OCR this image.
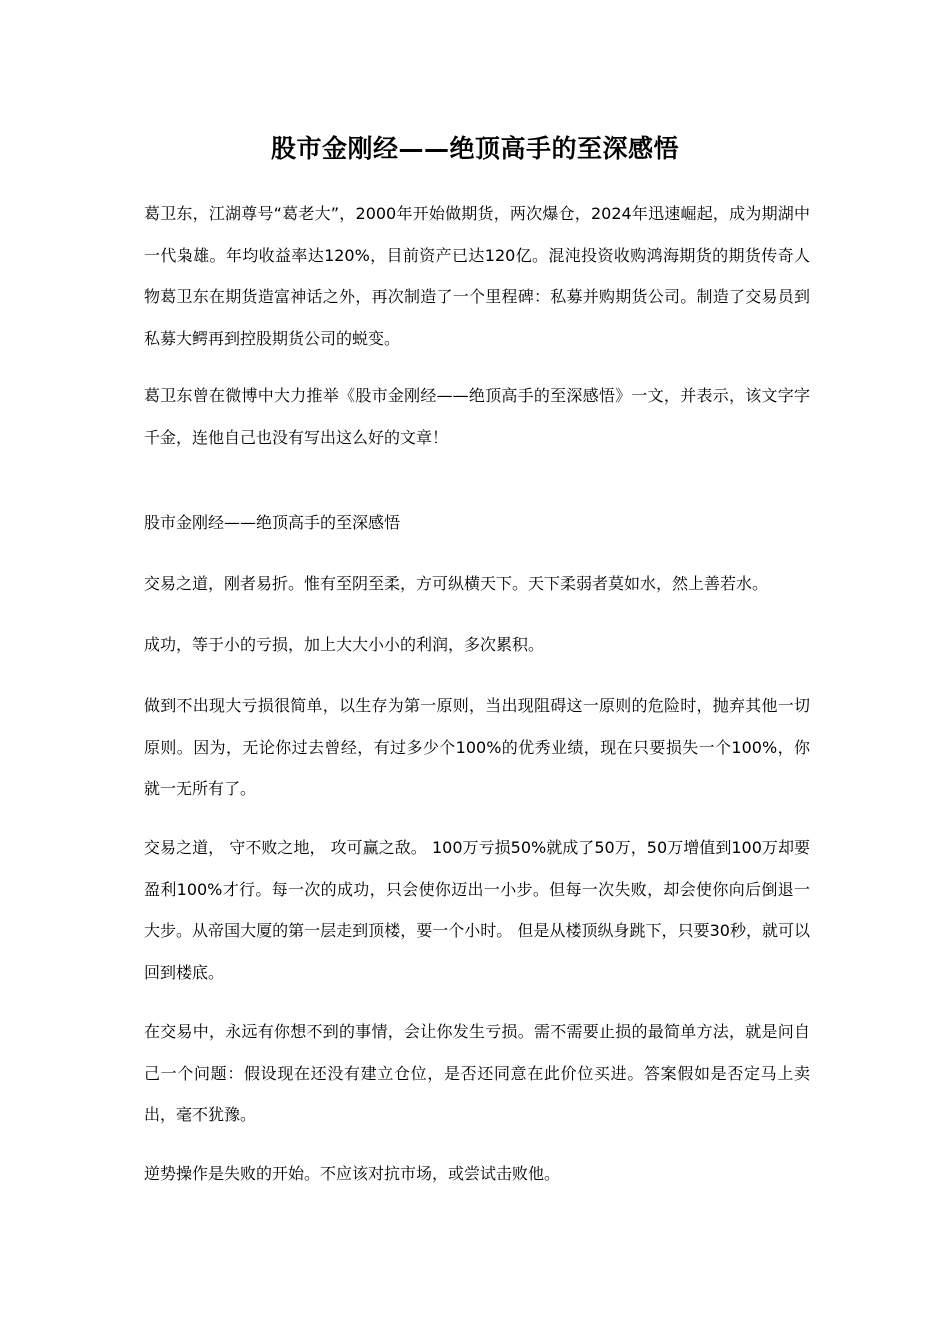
股市金刚经——绝顶高手的至深感悟

葛卫东，江湖尊号“葛老大”，2000年开始做期货，两次爆仓，2024年迅速崛起，成为期湖中一代枭雄。年均收益率达120%，目前资产已达120亿。混沌投资收购鸿海期货的期货传奇人物葛卫东在期货造富神话之外，再次制造了一个里程碑：私募并购期货公司。制造了交易员到私募大鳄再到控股期货公司的蜕变。

葛卫东曾在微博中大力推举《股市金刚经——绝顶高手的至深感悟》一文，并表示，该文字字千金，连他自己也没有写出这么好的文章！

股市金刚经——绝顶高手的至深感悟

交易之道，刚者易折。惟有至阴至柔，方可纵横天下。天下柔弱者莫如水，然上善若水。

成功，等于小的亏损，加上大大小小的利润，多次累积。

做到不出现大亏损很简单，以生存为第一原则，当出现阻碍这一原则的危险时，抛弃其他一切原则。因为，无论你过去曾经，有过多少个100%的优秀业绩，现在只要损失一个100%，你就一无所有了。

交易之道， 守不败之地， 攻可赢之敌。 100万亏损50%就成了50万，50万增值到100万却要盈利100%才行。每一次的成功，只会使你迈出一小步。但每一次失败，却会使你向后倒退一大步。从帝国大厦的第一层走到顶楼，要一个小时。 但是从楼顶纵身跳下，只要30秒，就可以回到楼底。

在交易中，永远有你想不到的事情，会让你发生亏损。需不需要止损的最简单方法，就是问自己一个问题：假设现在还没有建立仓位，是否还同意在此价位买进。答案假如是否定马上卖出，毫不犹豫。

逆势操作是失败的开始。不应该对抗市场，或尝试击败他。
